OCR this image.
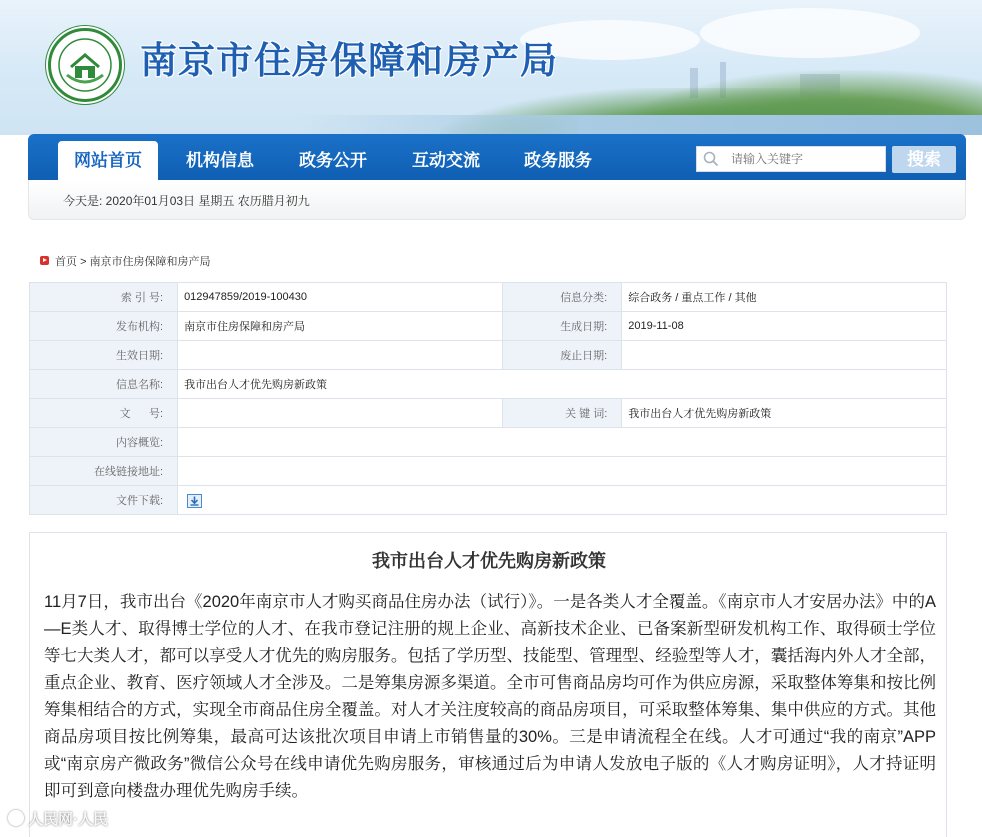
南京市住房保障和房产局
网站首页	机构信息	政务公开	互动交流	政务服务
请输入关键字	搜索
今天是: 2020年01月03日 星期五 农历腊月初九
首页 > 南京市住房保障和房产局
索 引 号:	012947859/2019-100430	信息分类:	综合政务 / 重点工作 / 其他
发布机构:	南京市住房保障和房产局	生成日期:	2019-11-08
生效日期:		废止日期:	
信息名称:	我市出台人才优先购房新政策		
文      号:		关 键 词:	我市出台人才优先购房新政策
内容概览:			
在线链接地址:			
文件下载:	
我市出台人才优先购房新政策

11月7日，我市出台《2020年南京市人才购买商品住房办法（试行）》。一是各类人才全覆盖。《南京市人才安居办法》中的A—E类人才、取得博士学位的人才、在我市登记注册的规上企业、高新技术企业、已备案新型研发机构工作、取得硕士学位等七大类人才，都可以享受人才优先的购房服务。包括了学历型、技能型、管理型、经验型等人才，囊括海内外人才全部，重点企业、教育、医疗领域人才全涉及。二是筹集房源多渠道。全市可售商品房均可作为供应房源，采取整体筹集和按比例筹集相结合的方式，实现全市商品住房全覆盖。对人才关注度较高的商品房项目，可采取整体筹集、集中供应的方式。其他商品房项目按比例筹集，最高可达该批次项目申请上市销售量的30%。三是申请流程全在线。人才可通过“我的南京”APP或“南京房产微政务”微信公众号在线申请优先购房服务，审核通过后为申请人发放电子版的《人才购房证明》，人才持证明即可到意向楼盘办理优先购房手续。

人民网·人民
